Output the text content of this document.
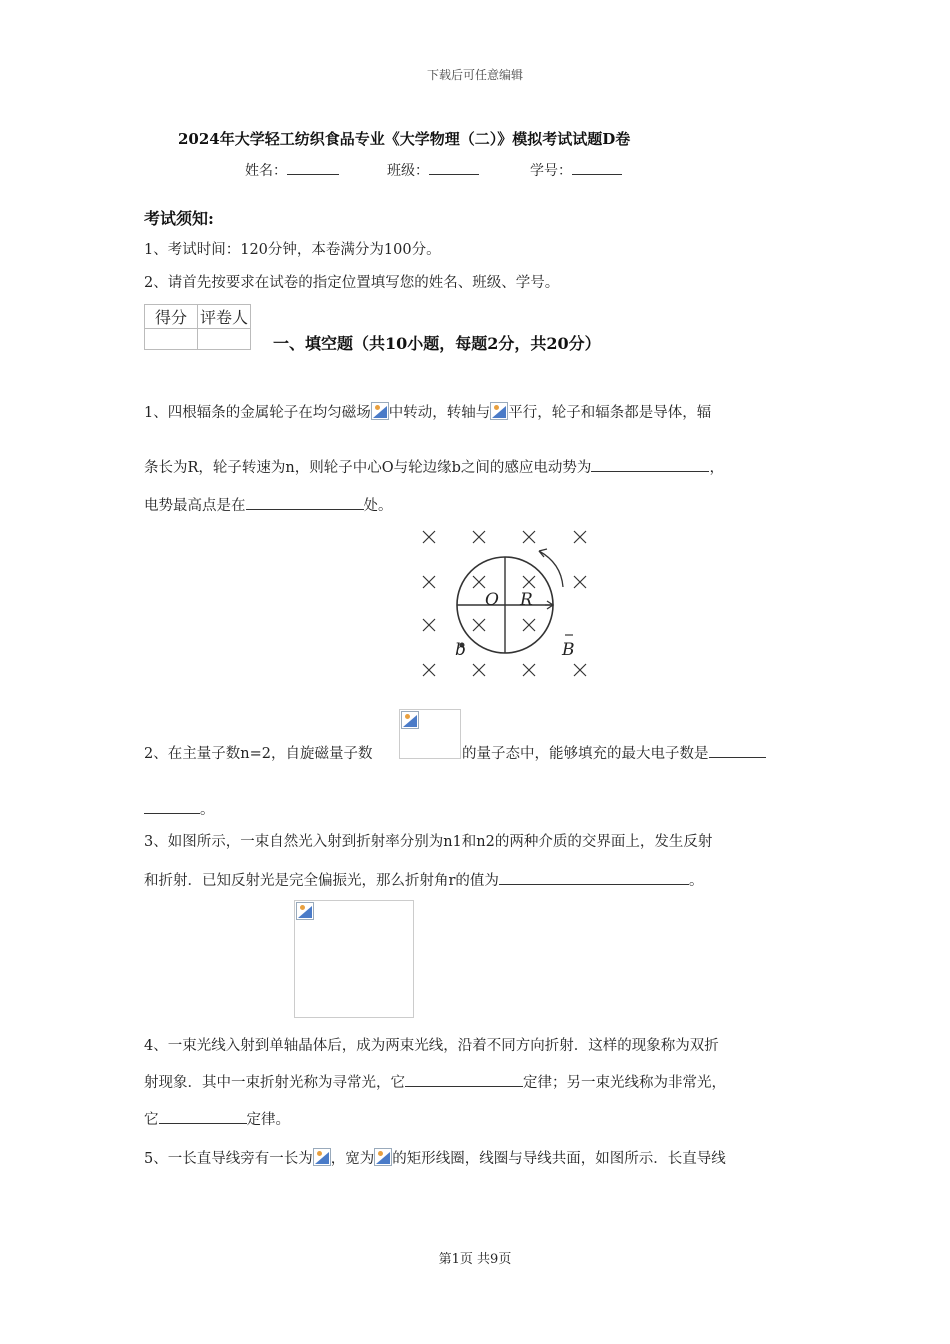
下载后可任意编辑
2024年大学轻工纺织食品专业《大学物理（二）》模拟考试试题D卷
姓名：	班级：	学号：
考试须知:
1、考试时间：120分钟，本卷满分为100分。
2、请首先按要求在试卷的指定位置填写您的姓名、班级、学号。
得分	评卷人

一、填空题（共10小题，每题2分，共20分）
1、四根辐条的金属轮子在均匀磁场 中转动，转轴与 平行，轮子和辐条都是导体，辐
条长为R，轮子转速为n，则轮子中心O与轮边缘b之间的感应电动势为	，
电势最高点是在	处。
O R
b	B
2、在主量子数n=2，自旋磁量子数	的量子态中，能够填充的最大电子数是
。
3、如图所示，一束自然光入射到折射率分别为n1和n2的两种介质的交界面上，发生反射
和折射．已知反射光是完全偏振光，那么折射角r的值为	。
4、一束光线入射到单轴晶体后，成为两束光线，沿着不同方向折射．这样的现象称为双折
射现象．其中一束折射光称为寻常光，它	定律；另一束光线称为非常光，
它	定律。
5、一长直导线旁有一长为 ，宽为 的矩形线圈，线圈与导线共面，如图所示．长直导线
第1页 共9页
